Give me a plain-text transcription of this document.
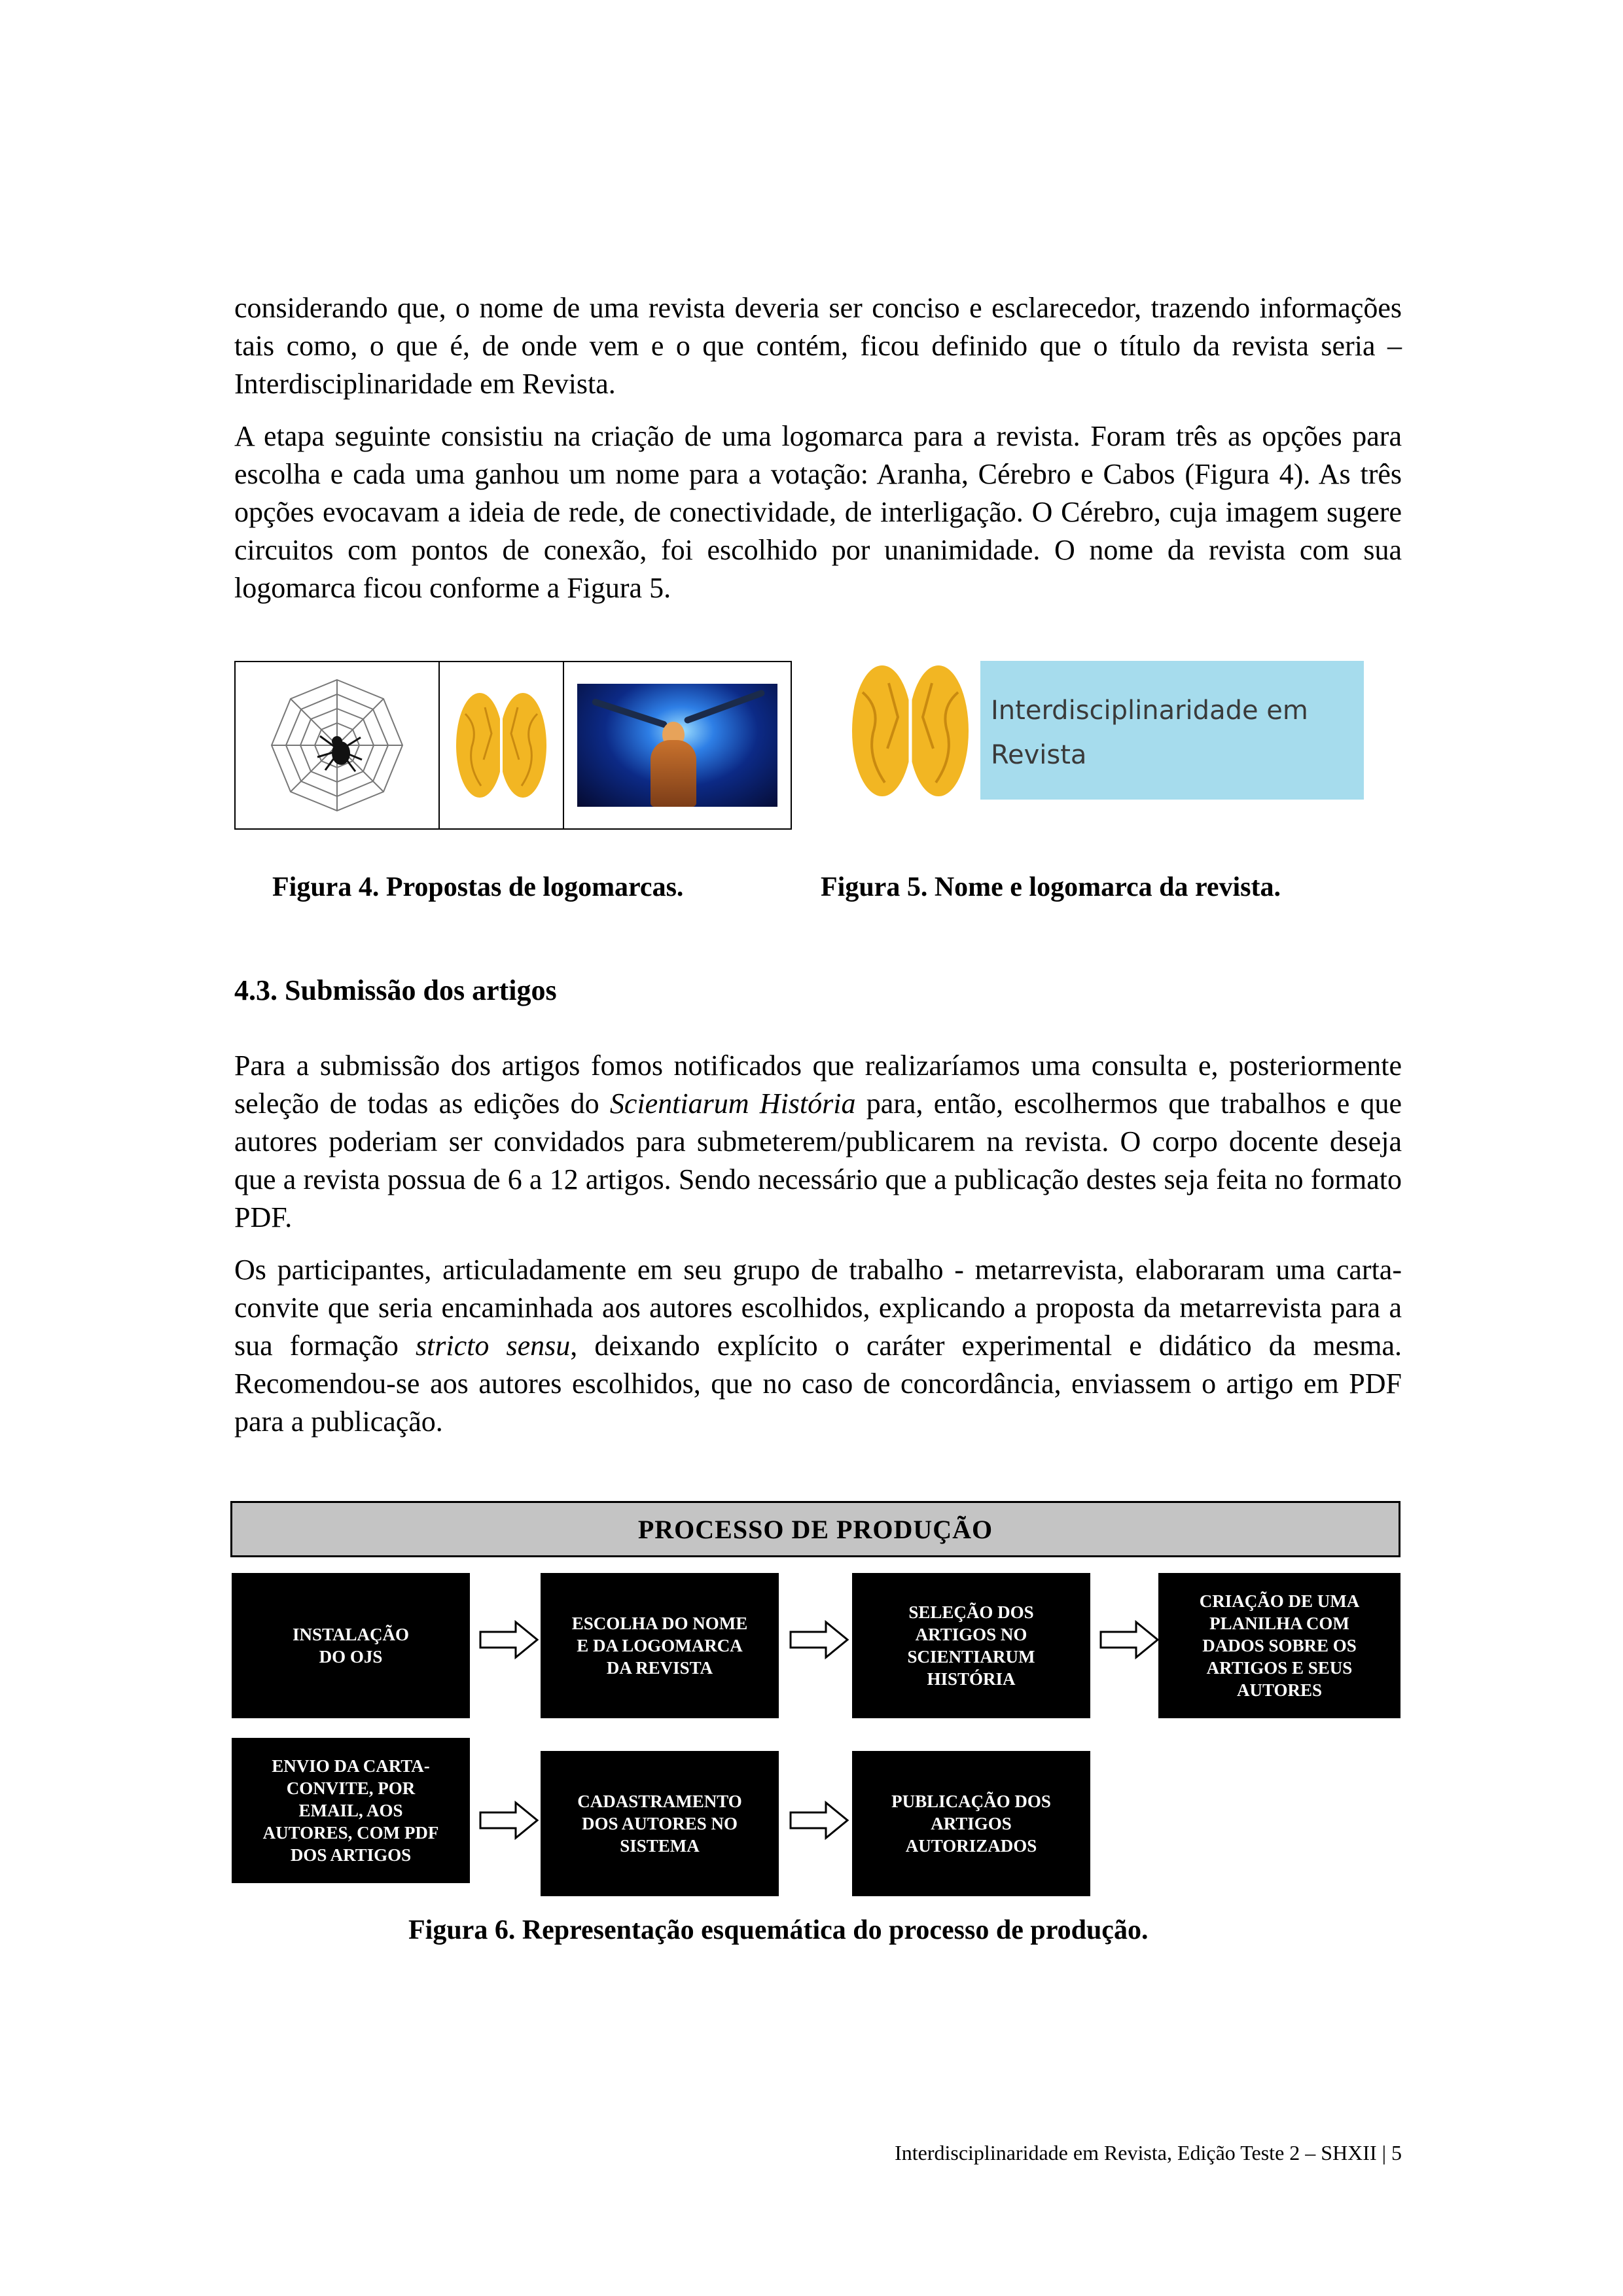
considerando que, o nome de uma revista deveria ser conciso e esclarecedor, trazendo informações tais como, o que é, de onde vem e o que contém, ficou definido que o título da revista seria – Interdisciplinaridade em Revista.

A etapa seguinte consistiu na criação de uma logomarca para a revista. Foram três as opções para escolha e cada uma ganhou um nome para a votação: Aranha, Cérebro e Cabos (Figura 4). As três opções evocavam a ideia de rede, de conectividade, de interligação. O Cérebro, cuja imagem sugere circuitos com pontos de conexão, foi escolhido por unanimidade. O nome da revista com sua logomarca ficou conforme a Figura 5.

Interdisciplinaridade em
Revista
Figura 4. Propostas de logomarcas.	Figura 5. Nome e logomarca da revista.
4.3. Submissão dos artigos

Para a submissão dos artigos fomos notificados que realizaríamos uma consulta e, posteriormente seleção de todas as edições do Scientiarum História para, então, escolhermos que trabalhos e que autores poderiam ser convidados para submeterem/publicarem na revista. O corpo docente deseja que a revista possua de 6 a 12 artigos. Sendo necessário que a publicação destes seja feita no formato PDF.

Os participantes, articuladamente em seu grupo de trabalho - metarrevista, elaboraram uma carta-convite que seria encaminhada aos autores escolhidos, explicando a proposta da metarrevista para a sua formação stricto sensu, deixando explícito o caráter experimental e didático da mesma. Recomendou-se aos autores escolhidos, que no caso de concordância, enviassem o artigo em PDF para a publicação.

PROCESSO DE PRODUÇÃO
INSTALAÇÃO
DO OJS
ESCOLHA DO NOME
E DA LOGOMARCA
DA REVISTA
SELEÇÃO DOS
ARTIGOS NO
SCIENTIARUM
HISTÓRIA
CRIAÇÃO DE UMA
PLANILHA COM
DADOS SOBRE OS
ARTIGOS E SEUS
AUTORES
ENVIO DA CARTA-
CONVITE, POR
EMAIL, AOS
AUTORES, COM PDF
DOS ARTIGOS
CADASTRAMENTO
DOS AUTORES NO
SISTEMA
PUBLICAÇÃO DOS
ARTIGOS
AUTORIZADOS
Figura 6. Representação esquemática do processo de produção.
Interdisciplinaridade em Revista, Edição Teste 2 – SHXII | 5
